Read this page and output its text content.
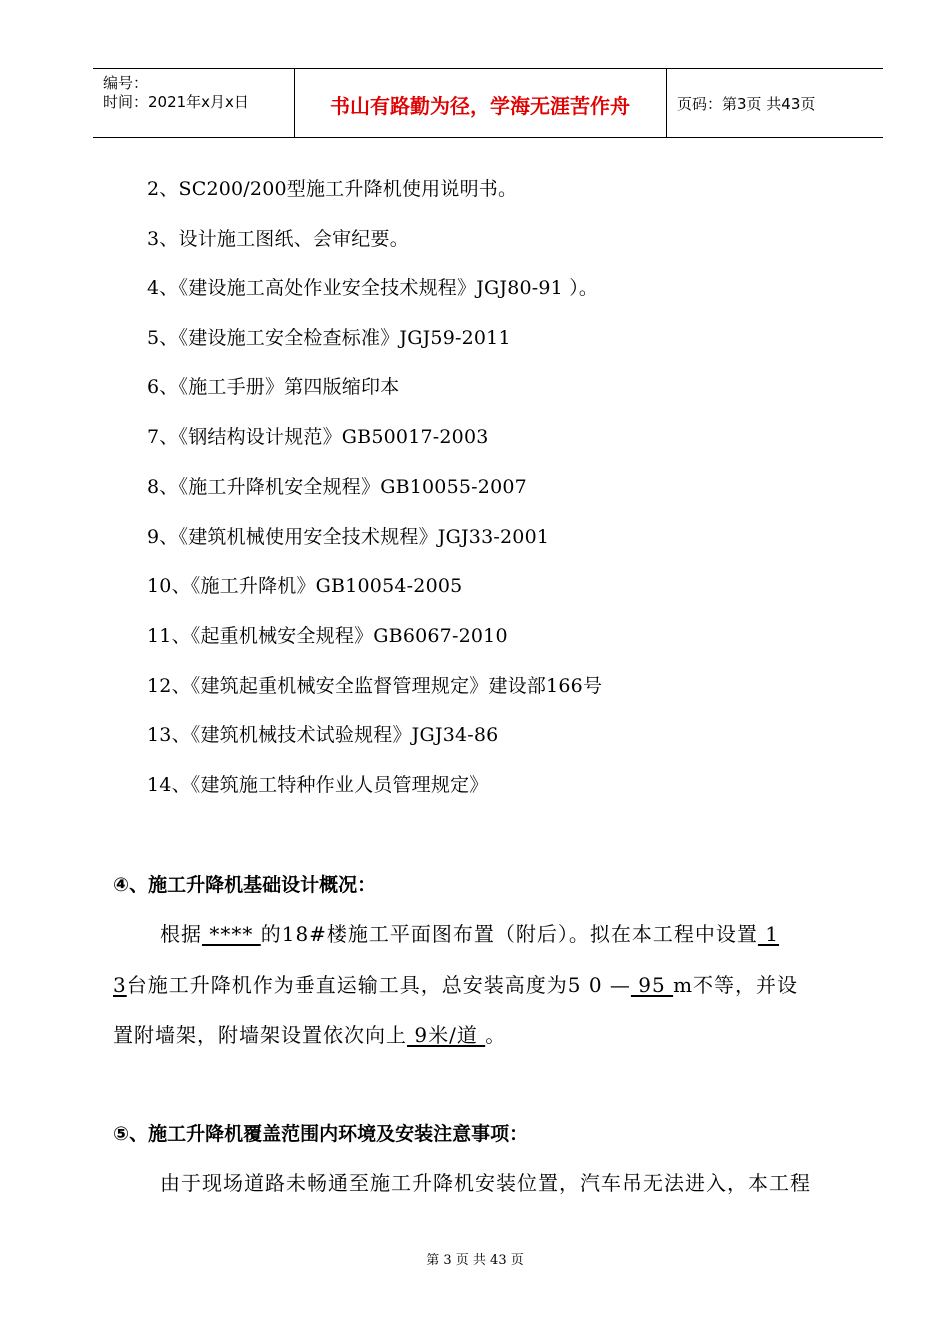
编号：
时间：2021年x月x日	书山有路勤为径，学海无涯苦作舟	页码：第3页 共43页
2、SC200/200型施工升降机使用说明书。
3、设计施工图纸、会审纪要。
4、《建设施工高处作业安全技术规程》JGJ80-91 ）。
5、《建设施工安全检查标准》JGJ59-2011
6、《施工手册》第四版缩印本
7、《钢结构设计规范》GB50017-2003
8、《施工升降机安全规程》GB10055-2007
9、《建筑机械使用安全技术规程》JGJ33-2001
10、《施工升降机》GB10054-2005
11、《起重机械安全规程》GB6067-2010
12、《建筑起重机械安全监督管理规定》建设部166号
13、《建筑机械技术试验规程》JGJ34-86
14、《建筑施工特种作业人员管理规定》
④、施工升降机基础设计概况：
根据 **** 的18#楼施工平面图布置（附后）。拟在本工程中设置 1
3台施工升降机作为垂直运输工具，总安装高度为5 0 — 95 m不等，并设
置附墙架，附墙架设置依次向上 9米/道 。
⑤、施工升降机覆盖范围内环境及安装注意事项：
由于现场道路未畅通至施工升降机安装位置，汽车吊无法进入，本工程
第 3 页 共 43 页
